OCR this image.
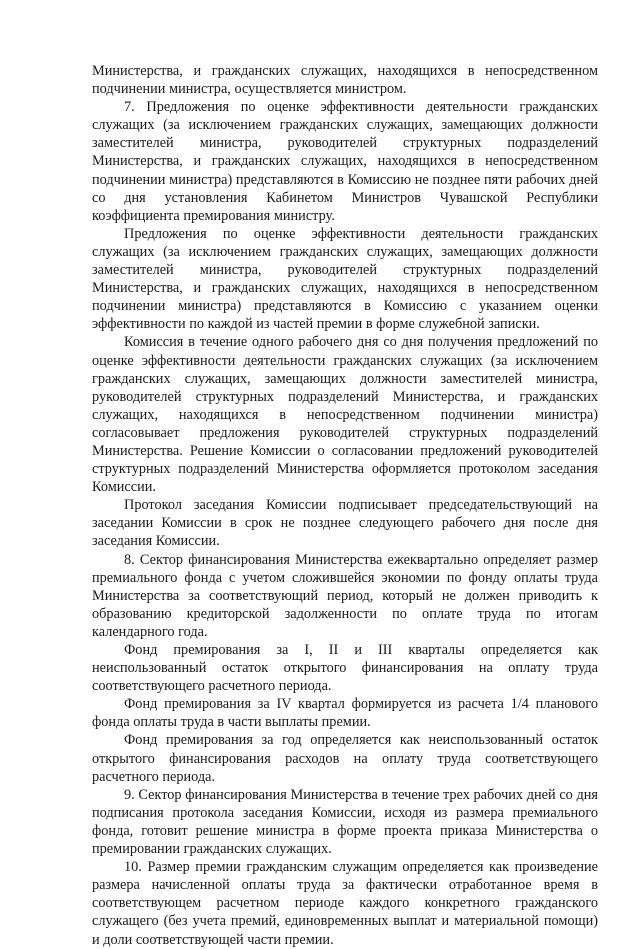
Министерства, и гражданских служащих, находящихся в непосредственном подчинении министра, осуществляется министром.

7. Предложения по оценке эффективности деятельности гражданских служащих (за исключением гражданских служащих, замещающих должности заместителей министра, руководителей структурных подразделений Министерства, и гражданских служащих, находящихся в непосредственном подчинении министра) представляются в Комиссию не позднее пяти рабочих дней со дня установления Кабинетом Министров Чувашской Республики коэффициента премирования министру.

Предложения по оценке эффективности деятельности гражданских служащих (за исключением гражданских служащих, замещающих должности заместителей министра, руководителей структурных подразделений Министерства, и гражданских служащих, находящихся в непосредственном подчинении министра) представляются в Комиссию с указанием оценки эффективности по каждой из частей премии в форме служебной записки.

Комиссия в течение одного рабочего дня со дня получения предложений по оценке эффективности деятельности гражданских служащих (за исключением гражданских служащих, замещающих должности заместителей министра, руководителей структурных подразделений Министерства, и гражданских служащих, находящихся в непосредственном подчинении министра) согласовывает предложения руководителей структурных подразделений Министерства. Решение Комиссии о согласовании предложений руководителей структурных подразделений Министерства оформляется протоколом заседания Комиссии.

Протокол заседания Комиссии подписывает председательствующий на заседании Комиссии в срок не позднее следующего рабочего дня после дня заседания Комиссии.

8. Сектор финансирования Министерства ежеквартально определяет размер премиального фонда с учетом сложившейся экономии по фонду оплаты труда Министерства за соответствующий период, который не должен приводить к образованию кредиторской задолженности по оплате труда по итогам календарного года.

Фонд премирования за I, II и III кварталы определяется как неиспользованный остаток открытого финансирования на оплату труда соответствующего расчетного периода.

Фонд премирования за IV квартал формируется из расчета 1/4 планового фонда оплаты труда в части выплаты премии.

Фонд премирования за год определяется как неиспользованный остаток открытого финансирования расходов на оплату труда соответствующего расчетного периода.

9. Сектор финансирования Министерства в течение трех рабочих дней со дня подписания протокола заседания Комиссии, исходя из размера премиального фонда, готовит решение министра в форме проекта приказа Министерства о премировании гражданских служащих.

10. Размер премии гражданским служащим определяется как произведение размера начисленной оплаты труда за фактически отработанное время в соответствующем расчетном периоде каждого конкретного гражданского служащего (без учета премий, единовременных выплат и материальной помощи) и доли соответствующей части премии.
